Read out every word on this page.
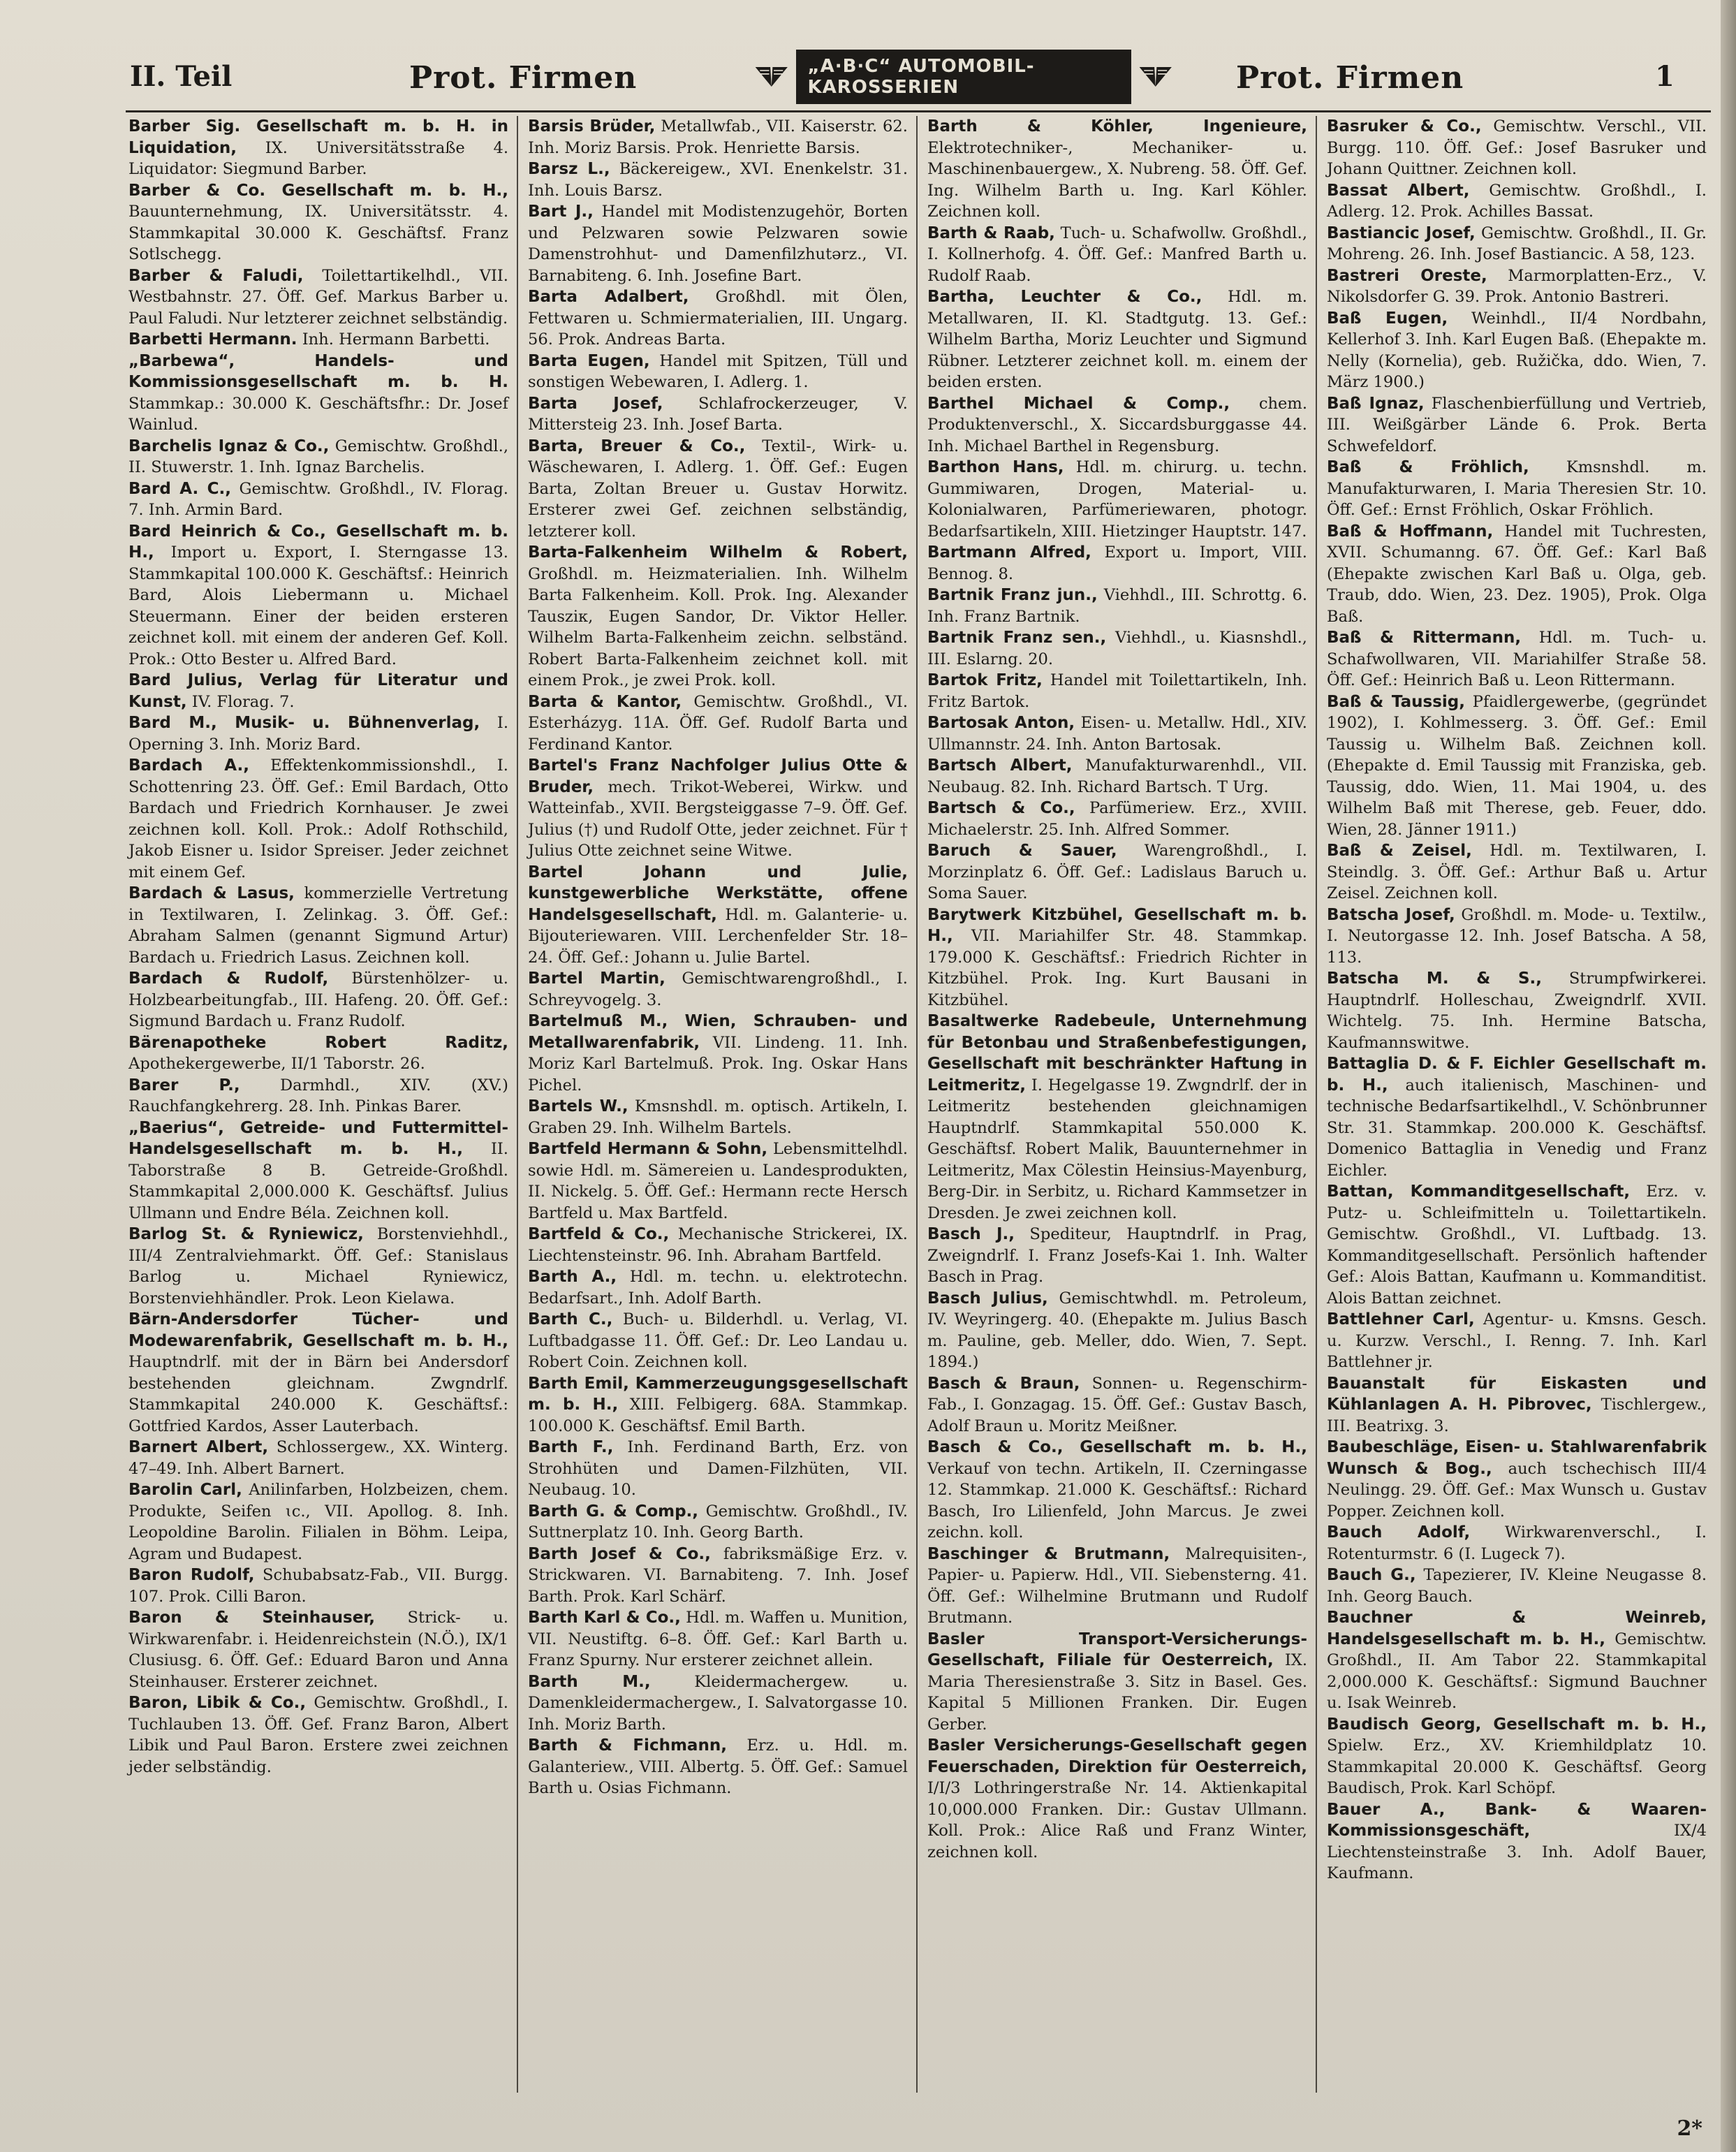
II. Teil	Prot. Firmen	„A·B·C“ AUTOMOBIL-KAROSSERIEN	Prot. Firmen	1

Barber Sig. Gesellschaft m. b. H. in Liquidation, IX. Universitätsstraße 4. Liquidator: Siegmund Barber.

Barber & Co. Gesellschaft m. b. H., Bauunternehmung, IX. Universitätsstr. 4. Stammkapital 30.000 K. Geschäftsf. Franz Sotlschegg.

Barber & Faludi, Toilettartikelhdl., VII. Westbahnstr. 27. Öff. Gef. Markus Barber u. Paul Faludi. Nur letzterer zeichnet selbständig.

Barbetti Hermann. Inh. Hermann Barbetti.

„Barbewa“, Handels- und Kommissionsgesellschaft m. b. H. Stammkap.: 30.000 K. Geschäftsfhr.: Dr. Josef Wainlud.

Barchelis Ignaz & Co., Gemischtw. Großhdl., II. Stuwerstr. 1. Inh. Ignaz Barchelis.

Bard A. C., Gemischtw. Großhdl., IV. Florag. 7. Inh. Armin Bard.

Bard Heinrich & Co., Gesellschaft m. b. H., Import u. Export, I. Sterngasse 13. Stammkapital 100.000 K. Geschäftsf.: Heinrich Bard, Alois Liebermann u. Michael Steuermann. Einer der beiden ersteren zeichnet koll. mit einem der anderen Gef. Koll. Prok.: Otto Bester u. Alfred Bard.

Bard Julius, Verlag für Literatur und Kunst, IV. Florag. 7.

Bard M., Musik- u. Bühnenverlag, I. Operning 3. Inh. Moriz Bard.

Bardach A., Effektenkommissionshdl., I. Schottenring 23. Öff. Gef.: Emil Bardach, Otto Bardach und Friedrich Kornhauser. Je zwei zeichnen koll. Koll. Prok.: Adolf Rothschild, Jakob Eisner u. Isidor Spreiser. Jeder zeichnet mit einem Gef.

Bardach & Lasus, kommerzielle Vertretung in Textilwaren, I. Zelinkag. 3. Öff. Gef.: Abraham Salmen (genannt Sigmund Artur) Bardach u. Friedrich Lasus. Zeichnen koll.

Bardach & Rudolf, Bürstenhölzer- u. Holzbearbeitungfab., III. Hafeng. 20. Öff. Gef.: Sigmund Bardach u. Franz Rudolf.

Bärenapotheke Robert Raditz, Apothekergewerbe, II/1 Taborstr. 26.

Barer P.,	Darmhdl., XIV. (XV.) Rauchfangkehrerg. 28. Inh. Pinkas Barer.

„Baerius“, Getreide- und Futtermittel-Handelsgesellschaft m. b. H., II. Taborstraße 8 B. Getreide-Großhdl. Stammkapital 2,000.000 K. Geschäftsf. Julius Ullmann und Endre Béla. Zeichnen koll.

Barlog St. & Ryniewicz, Borstenviehhdl., III/4 Zentralviehmarkt. Öff. Gef.: Stanislaus Barlog u. Michael Ryniewicz, Borstenviehhändler. Prok. Leon Kielawa.

Bärn-Andersdorfer Tücher- und Modewarenfabrik, Gesellschaft m. b. H., Hauptndrlf. mit der in Bärn bei Andersdorf bestehenden gleichnam. Zwgndrlf. Stammkapital 240.000 K. Geschäftsf.: Gottfried Kardos, Asser Lauterbach.

Barnert Albert, Schlossergew., XX. Winterg. 47–49. Inh. Albert Barnert.

Barolin Carl, Anilinfarben, Holzbeizen, chem. Produkte, Seifen ɩc., VII. Apollog. 8. Inh. Leopoldine Barolin. Filialen in Böhm. Leipa, Agram und Budapest.

Baron Rudolf, Schubabsatz-Fab., VII. Burgg. 107. Prok. Cilli Baron.

Baron & Steinhauser, Strick- u. Wirkwarenfabr. i. Heidenreichstein (N.Ö.), IX/1 Clusiusg. 6. Öff. Gef.: Eduard Baron und Anna Steinhauser. Ersterer zeichnet.

Baron, Libik & Co., Gemischtw. Großhdl., I. Tuchlauben 13. Öff. Gef. Franz Baron, Albert Libik und Paul Baron. Erstere zwei zeichnen jeder selbständig.

Barsis Brüder, Metallwfab., VII. Kaiserstr. 62. Inh. Moriz Barsis. Prok. Henriette Barsis.

Barsz L., Bäckereigew., XVI. Enenkelstr. 31. Inh. Louis Barsz.

Bart J., Handel mit Modistenzugehör, Borten und Pelzwaren sowie Pelzwaren sowie Damenstrohhut- und Damenfilzhutərz., VI. Barnabiteng. 6. Inh. Josefine Bart.

Barta Adalbert, Großhdl. mit Ölen, Fettwaren u. Schmiermaterialien, III. Ungarg. 56. Prok. Andreas Barta.

Barta Eugen, Handel mit Spitzen, Tüll und sonstigen Webewaren, I. Adlerg. 1.

Barta Josef, Schlafrockerzeuger, V. Mittersteig 23. Inh. Josef Barta.

Barta, Breuer & Co., Textil-, Wirk- u. Wäschewaren, I. Adlerg. 1. Öff. Gef.: Eugen Barta, Zoltan Breuer u. Gustav Horwitz. Ersterer zwei Gef. zeichnen selbständig, letzterer koll.

Barta-Falkenheim Wilhelm & Robert, Großhdl. m. Heizmaterialien. Inh. Wilhelm Barta Falkenheim. Koll. Prok. Ing. Alexander Tausziκ, Eugen Sandor, Dr. Viktor Heller. Wilhelm Barta-Falkenheim zeichn. selbständ. Robert Barta-Falkenheim zeichnet koll. mit einem Prok., je zwei Prok. koll.

Barta & Kantor, Gemischtw. Großhdl., VI. Esterházyg. 11A. Öff. Gef. Rudolf Barta und Ferdinand Kantor.

Bartel's Franz Nachfolger Julius Otte & Bruder, mech. Trikot-Weberei, Wirkw. und Watteinfab., XVII. Bergsteiggasse 7–9. Öff. Gef. Julius (†) und Rudolf Otte, jeder zeichnet. Für † Julius Otte zeichnet seine Witwe.

Bartel Johann und Julie, kunstgewerbliche Werkstätte, offene Handelsgesellschaft, Hdl. m. Galanterie- u. Bijouteriewaren. VIII. Lerchenfelder Str. 18–24. Öff. Gef.: Johann u. Julie Bartel.

Bartel Martin, Gemischtwarengroßhdl., I. Schreyvogelg. 3.

Bartelmuß M., Wien, Schrauben- und Metallwarenfabrik, VII. Lindeng. 11. Inh. Moriz Karl Bartelmuß. Prok. Ing. Oskar Hans Pichel.

Bartels W., Kmsnshdl. m. optisch. Artikeln, I. Graben 29. Inh. Wilhelm Bartels.

Bartfeld Hermann & Sohn, Lebensmittelhdl. sowie Hdl. m. Sämereien u. Landesprodukten, II. Nickelg. 5. Öff. Gef.: Hermann recte Hersch Bartfeld u. Max Bartfeld.

Bartfeld & Co., Mechanische Strickerei, IX. Liechtensteinstr. 96. Inh. Abraham Bartfeld.

Barth A., Hdl. m. techn. u. elektrotechn. Bedarfsart., Inh. Adolf Barth.

Barth C., Buch- u. Bilderhdl. u. Verlag, VI. Luftbadgasse 11. Öff. Gef.: Dr. Leo Landau u. Robert Coin. Zeichnen koll.

Barth Emil, Kammerzeugungsgesellschaft m. b. H., XIII. Felbigerg. 68A. Stammkap. 100.000 K. Geschäftsf. Emil Barth.

Barth F., Inh. Ferdinand Barth, Erz. von Strohhüten und Damen-Filzhüten, VII. Neubaug. 10.

Barth G. & Comp., Gemischtw. Großhdl., IV. Suttnerplatz 10. Inh. Georg Barth.

Barth Josef & Co., fabriksmäßige Erz. v. Strickwaren. VI. Barnabiteng. 7. Inh. Josef Barth. Prok. Karl Schärf.

Barth Karl & Co., Hdl. m. Waffen u. Munition, VII. Neustiftg. 6–8. Öff. Gef.: Karl Barth u. Franz Spurny. Nur ersterer zeichnet allein.

Barth M.,	Kleidermachergew. u. Damenkleidermachergew., I. Salvatorgasse 10. Inh. Moriz Barth.

Barth & Fichmann, Erz. u. Hdl. m. Galanteriew., VIII. Albertg. 5. Öff. Gef.: Samuel Barth u. Osias Fichmann.

Barth & Köhler, Ingenieure, Elektrotechniker-, Mechaniker- u. Maschinenbauergew., X. Nubreng. 58. Öff. Gef. Ing. Wilhelm Barth u. Ing. Karl Köhler. Zeichnen koll.

Barth & Raab, Tuch- u. Schafwollw. Großhdl., I. Kollnerhofg. 4. Öff. Gef.: Manfred Barth u. Rudolf Raab.

Bartha, Leuchter & Co., Hdl. m. Metallwaren, II. Kl. Stadtgutg. 13. Gef.: Wilhelm Bartha, Moriz Leuchter und Sigmund Rübner. Letzterer zeichnet koll. m. einem der beiden ersten.

Barthel Michael & Comp., chem. Produktenverschl., X. Siccardsburggasse 44. Inh. Michael Barthel in Regensburg.

Barthon Hans, Hdl. m. chirurg. u. techn. Gummiwaren, Drogen, Material- u. Kolonialwaren, Parfümeriewaren, photogr. Bedarfsartikeln, XIII. Hietzinger Hauptstr. 147.

Bartmann Alfred, Export u. Import, VIII. Bennog. 8.

Bartnik Franz jun., Viehhdl., III. Schrottg. 6. Inh. Franz Bartnik.

Bartnik Franz sen., Viehhdl., u. Kiasnshdl., III. Eslarng. 20.

Bartok Fritz, Handel mit Toilettartikeln, Inh. Fritz Bartok.

Bartosak Anton, Eisen- u. Metallw. Hdl., XIV. Ullmannstr. 24. Inh. Anton Bartosak.

Bartsch Albert, Manufakturwarenhdl., VII. Neubaug. 82. Inh. Richard Bartsch. T Urg.

Bartsch & Co., Parfümeriew. Erz., XVIII. Michaelerstr. 25. Inh. Alfred Sommer.

Baruch & Sauer, Warengroßhdl., I. Morzinplatz 6. Öff. Gef.: Ladislaus Baruch u. Soma Sauer.

Barytwerk Kitzbühel, Gesellschaft m. b. H., VII. Mariahilfer Str. 48. Stammkap. 179.000 K. Geschäftsf.: Friedrich Richter in Kitzbühel. Prok. Ing. Kurt Bausani in Kitzbühel.

Basaltwerke Radebeule, Unternehmung für Betonbau und Straßenbefestigungen, Gesellschaft mit beschränkter Haftung in Leitmeritz, I. Hegelgasse 19. Zwgndrlf. der in Leitmeritz bestehenden gleichnamigen Hauptndrlf. Stammkapital 550.000 K. Geschäftsf. Robert Malik, Bauunternehmer in Leitmeritz, Max Cölestin Heinsius-Mayenburg, Berg-Dir. in Serbitz, u. Richard Kammsetzer in Dresden. Je zwei zeichnen koll.

Basch J., Spediteur, Hauptndrlf. in Prag, Zweigndrlf. I. Franz Josefs-Kai 1. Inh. Walter Basch in Prag.

Basch Julius, Gemischtwhdl. m. Petroleum, IV. Weyringerg. 40. (Ehepakte m. Julius Basch m. Pauline, geb. Meller, ddo. Wien, 7. Sept. 1894.)

Basch & Braun, Sonnen- u. Regenschirm-Fab., I. Gonzagag. 15. Öff. Gef.: Gustav Basch, Adolf Braun u. Moritz Meißner.

Basch & Co., Gesellschaft m. b. H., Verkauf von techn. Artikeln, II. Czerningasse 12. Stammkap. 21.000 K. Geschäftsf.: Richard Basch, Iro Lilienfeld, John Marcus. Je zwei zeichn. koll.

Baschinger & Brutmann, Malrequisiten-, Papier- u. Papierw. Hdl., VII. Siebensterng. 41. Öff. Gef.: Wilhelmine Brutmann und Rudolf Brutmann.

Basler Transport-Versicherungs-Gesellschaft, Filiale für Oesterreich, IX. Maria Theresienstraße 3. Sitz in Basel. Ges. Kapital 5 Millionen Franken. Dir. Eugen Gerber.

Basler Versicherungs-Gesellschaft gegen Feuerschaden, Direktion für Oesterreich, I/I/3 Lothringerstraße Nr. 14. Aktienkapital 10,000.000 Franken. Dir.: Gustav Ullmann. Koll. Prok.: Alice Raß und Franz Winter, zeichnen koll.

Basruker & Co., Gemischtw. Verschl., VII. Burgg. 110. Öff. Gef.: Josef Basruker und Johann Quittner. Zeichnen koll.

Bassat Albert, Gemischtw. Großhdl., I. Adlerg. 12. Prok. Achilles Bassat.

Bastiancic Josef, Gemischtw. Großhdl., II. Gr. Mohreng. 26. Inh. Josef Bastiancic. A 58, 123.

Bastreri Oreste, Marmorplatten-Erz., V. Nikolsdorfer G. 39. Prok. Antonio Bastreri.

Baß Eugen, Weinhdl., II/4 Nordbahn, Kellerhof 3. Inh. Karl Eugen Baß. (Ehepakte m. Nelly (Kornelia), geb. Ružička, ddo. Wien, 7. März 1900.)

Baß Ignaz, Flaschenbierfüllung und Vertrieb, III. Weißgärber Lände 6. Prok. Berta Schwefeldorf.

Baß & Fröhlich, Kmsnshdl. m. Manufakturwaren, I. Maria Theresien Str. 10. Öff. Gef.: Ernst Fröhlich, Oskar Fröhlich.

Baß & Hoffmann, Handel mit Tuchresten, XVII. Schumanng. 67. Öff. Gef.: Karl Baß (Ehepakte zwischen Karl Baß u. Olga, geb. Traub, ddo. Wien, 23. Dez. 1905), Prok. Olga Baß.

Baß & Rittermann, Hdl. m. Tuch- u. Schafwollwaren, VII. Mariahilfer Straße 58. Öff. Gef.: Heinrich Baß u. Leon Rittermann.

Baß & Taussig, Pfaidlergewerbe, (gegründet 1902), I. Kohlmesserg. 3. Öff. Gef.: Emil Taussig u. Wilhelm Baß. Zeichnen koll. (Ehepakte d. Emil Taussig mit Franziska, geb. Taussig, ddo. Wien, 11. Mai 1904, u. des Wilhelm Baß mit Therese, geb. Feuer, ddo. Wien, 28. Jänner 1911.)

Baß & Zeisel, Hdl. m. Textilwaren, I. Steindlg. 3. Öff. Gef.: Arthur Baß u. Artur Zeisel. Zeichnen koll.

Batscha Josef, Großhdl. m. Mode- u. Textilw., I. Neutorgasse 12. Inh. Josef Batscha. A 58, 113.

Batscha M. & S., Strumpfwirkerei. Hauptndrlf. Holleschau, Zweigndrlf. XVII. Wichtelg. 75. Inh. Hermine Batscha, Kaufmannswitwe.

Battaglia D. & F. Eichler Gesellschaft m. b. H., auch italienisch, Maschinen- und technische Bedarfsartikelhdl., V. Schönbrunner Str. 31. Stammkap. 200.000 K. Geschäftsf. Domenico Battaglia in Venedig und Franz Eichler.

Battan, Kommanditgesellschaft, Erz. v. Putz- u. Schleifmitteln u. Toilettartikeln. Gemischtw. Großhdl., VI. Luftbadg. 13. Kommanditgesellschaft. Persönlich haftender Gef.: Alois Battan, Kaufmann u. Kommanditist. Alois Battan zeichnet.

Battlehner Carl, Agentur- u. Kmsns. Gesch. u. Kurzw. Verschl., I. Renng. 7. Inh. Karl Battlehner jr.

Bauanstalt für Eiskasten und Kühlanlagen A. H. Pibrovec, Tischlergew., III. Beatrixg. 3.

Baubeschläge, Eisen- u. Stahlwarenfabrik Wunsch & Bog., auch tschechisch III/4 Neulingg. 29. Öff. Gef.: Max Wunsch u. Gustav Popper. Zeichnen koll.

Bauch Adolf, Wirkwarenverschl., I. Rotenturmstr. 6 (I. Lugeck 7).

Bauch G., Tapezierer, IV. Kleine Neugasse 8. Inh. Georg Bauch.

Bauchner & Weinreb, Handelsgesellschaft m. b. H., Gemischtw. Großhdl., II. Am Tabor 22. Stammkapital 2,000.000 K. Geschäftsf.: Sigmund Bauchner u. Isak Weinreb.

Baudisch Georg, Gesellschaft m. b. H., Spielw. Erz., XV. Kriemhildplatz 10. Stammkapital 20.000 K. Geschäftsf. Georg Baudisch, Prok. Karl Schöpf.

Bauer A., Bank- & Waaren-Kommissionsgeschäft,	IX/4 Liechtensteinstraße 3. Inh. Adolf Bauer, Kaufmann.

2*
